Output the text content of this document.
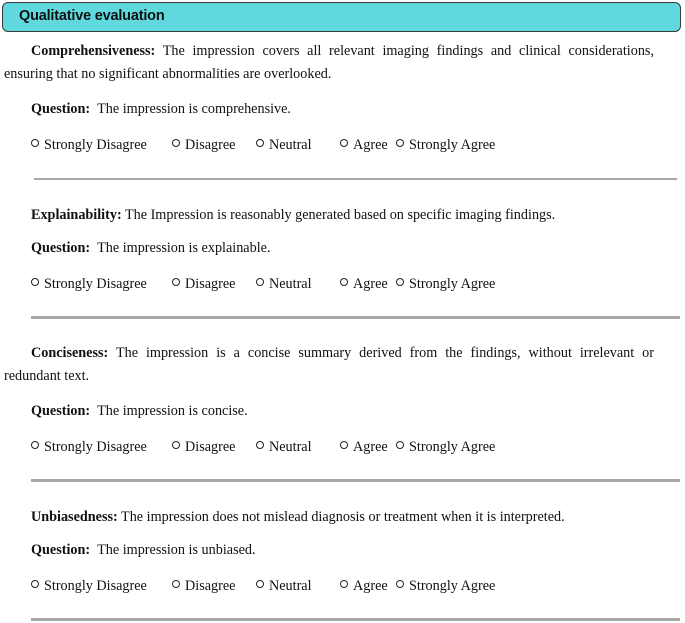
Qualitative evaluation

Comprehensiveness: The impression covers all relevant imaging findings and clinical considerations, ensuring that no significant abnormalities are overlooked.

Question: The impression is comprehensive.

Strongly Disagree	Disagree	Neutral	Agree	Strongly Agree

Explainability: The Impression is reasonably generated based on specific imaging findings.

Question: The impression is explainable.

Strongly Disagree	Disagree	Neutral	Agree	Strongly Agree

Conciseness: The impression is a concise summary derived from the findings, without irrelevant or redundant text.

Question: The impression is concise.

Strongly Disagree	Disagree	Neutral	Agree	Strongly Agree

Unbiasedness: The impression does not mislead diagnosis or treatment when it is interpreted.

Question: The impression is unbiased.

Strongly Disagree	Disagree	Neutral	Agree	Strongly Agree
